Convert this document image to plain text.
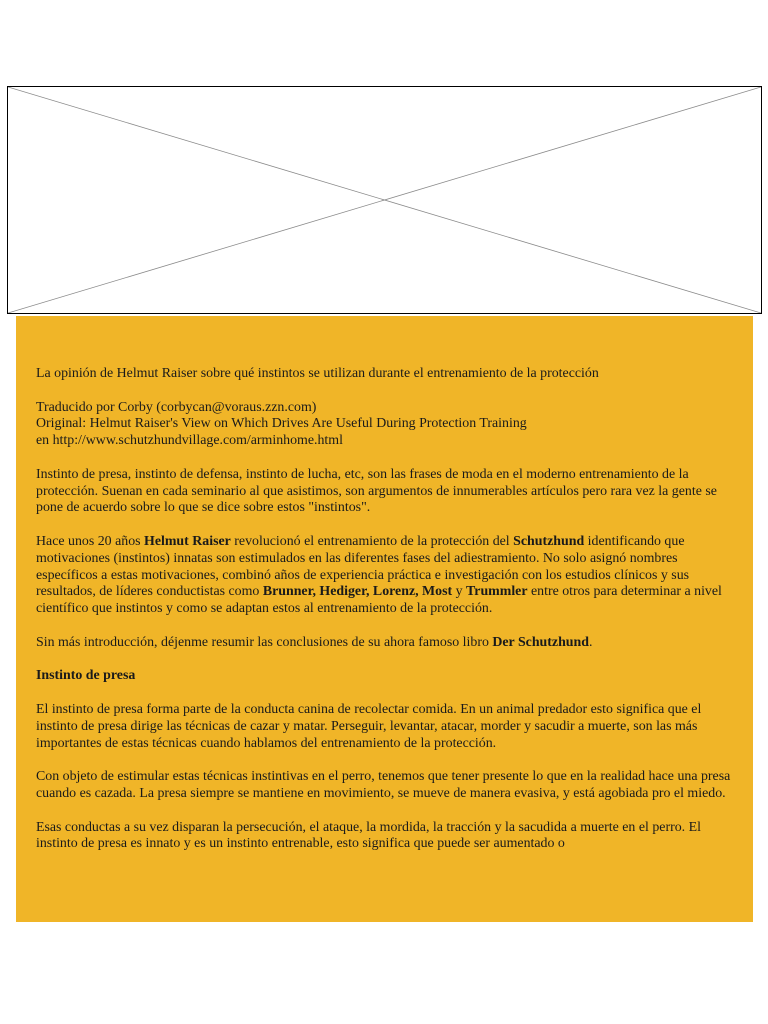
La opinión de Helmut Raiser sobre qué instintos se utilizan durante el entrenamiento de la protección

Traducido por Corby (corbycan@voraus.zzn.com)
Original: Helmut Raiser's View on Which Drives Are Useful During Protection Training
en http://www.schutzhundvillage.com/arminhome.html

Instinto de presa, instinto de defensa, instinto de lucha, etc, son las frases de moda en el moderno entrenamiento de la protección. Suenan en cada seminario al que asistimos, son argumentos de innumerables artículos pero rara vez la gente se pone de acuerdo sobre lo que se dice sobre estos "instintos".

Hace unos 20 años Helmut Raiser revolucionó el entrenamiento de la protección del Schutzhund identificando que motivaciones (instintos) innatas son estimulados en las diferentes fases del adiestramiento. No solo asignó nombres específicos a estas motivaciones, combinó años de experiencia práctica e investigación con los estudios clínicos y sus resultados, de líderes conductistas como Brunner, Hediger, Lorenz, Most y Trummler entre otros para determinar a nivel científico que instintos y como se adaptan estos al entrenamiento de la protección.

Sin más introducción, déjenme resumir las conclusiones de su ahora famoso libro Der Schutzhund.

Instinto de presa

El instinto de presa forma parte de la conducta canina de recolectar comida. En un animal predador esto significa que el instinto de presa dirige las técnicas de cazar y matar. Perseguir, levantar, atacar, morder y sacudir a muerte, son las más importantes de estas técnicas cuando hablamos del entrenamiento de la protección.

Con objeto de estimular estas técnicas instintivas en el perro, tenemos que tener presente lo que en la realidad hace una presa cuando es cazada. La presa siempre se mantiene en movimiento, se mueve de manera evasiva, y está agobiada pro el miedo.

Esas conductas a su vez disparan la persecución, el ataque, la mordida, la tracción y la sacudida a muerte en el perro. El instinto de presa es innato y es un instinto entrenable, esto significa que puede ser aumentado o
